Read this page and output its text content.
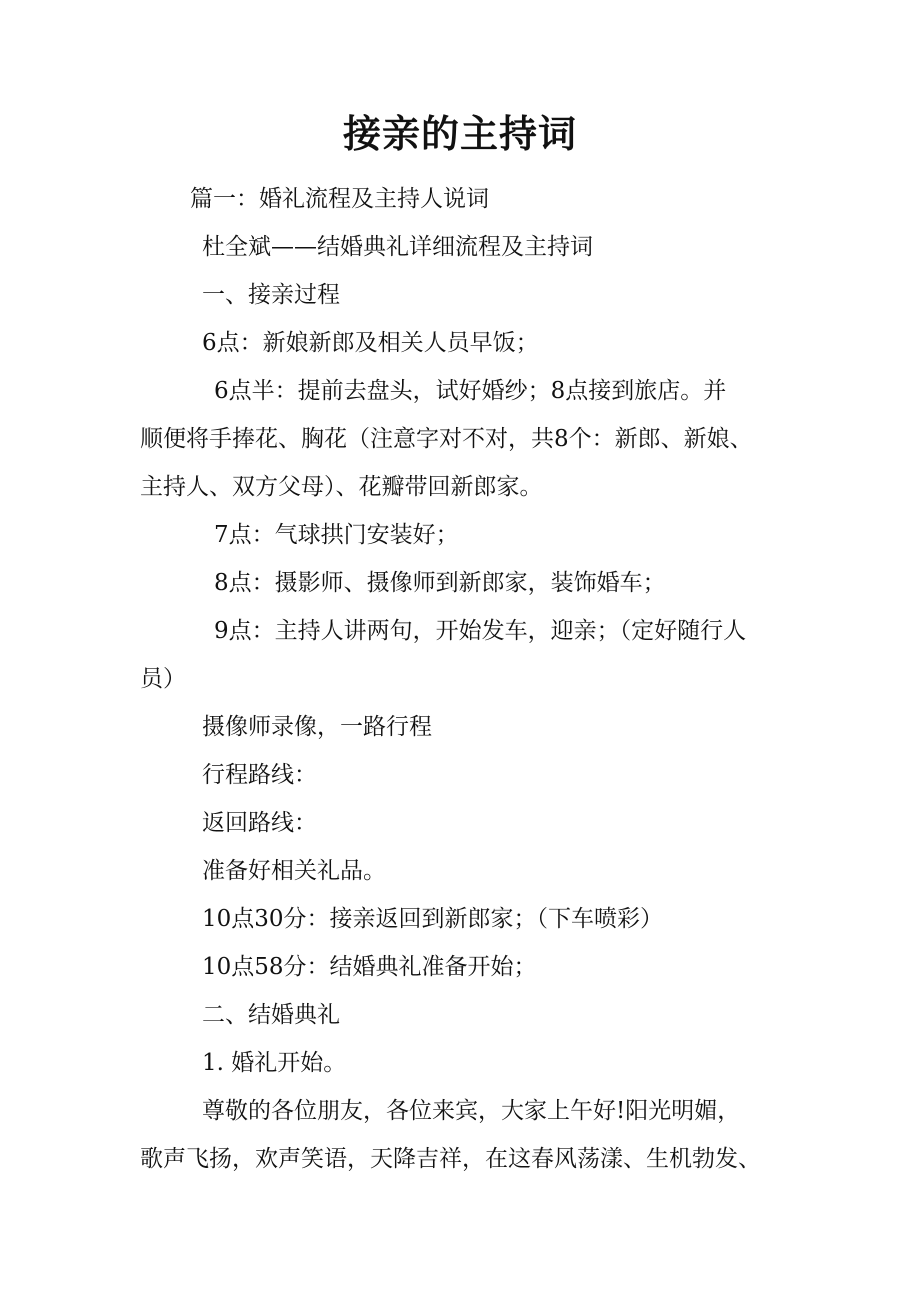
接亲的主持词
篇一：婚礼流程及主持人说词
杜全斌——结婚典礼详细流程及主持词
一、接亲过程
6点：新娘新郎及相关人员早饭；
6点半：提前去盘头，试好婚纱；8点接到旅店。并
顺便将手捧花、胸花（注意字对不对，共8个：新郎、新娘、
主持人、双方父母）、花瓣带回新郎家。
7点：气球拱门安装好；
8点：摄影师、摄像师到新郎家，装饰婚车；
9点：主持人讲两句，开始发车，迎亲；（定好随行人
员）
摄像师录像，一路行程
行程路线：
返回路线：
准备好相关礼品。
10点30分：接亲返回到新郎家；（下车喷彩）
10点58分：结婚典礼准备开始；
二、结婚典礼
1. 婚礼开始。
尊敬的各位朋友，各位来宾，大家上午好!阳光明媚，
歌声飞扬，欢声笑语，天降吉祥，在这春风荡漾、生机勃发、
